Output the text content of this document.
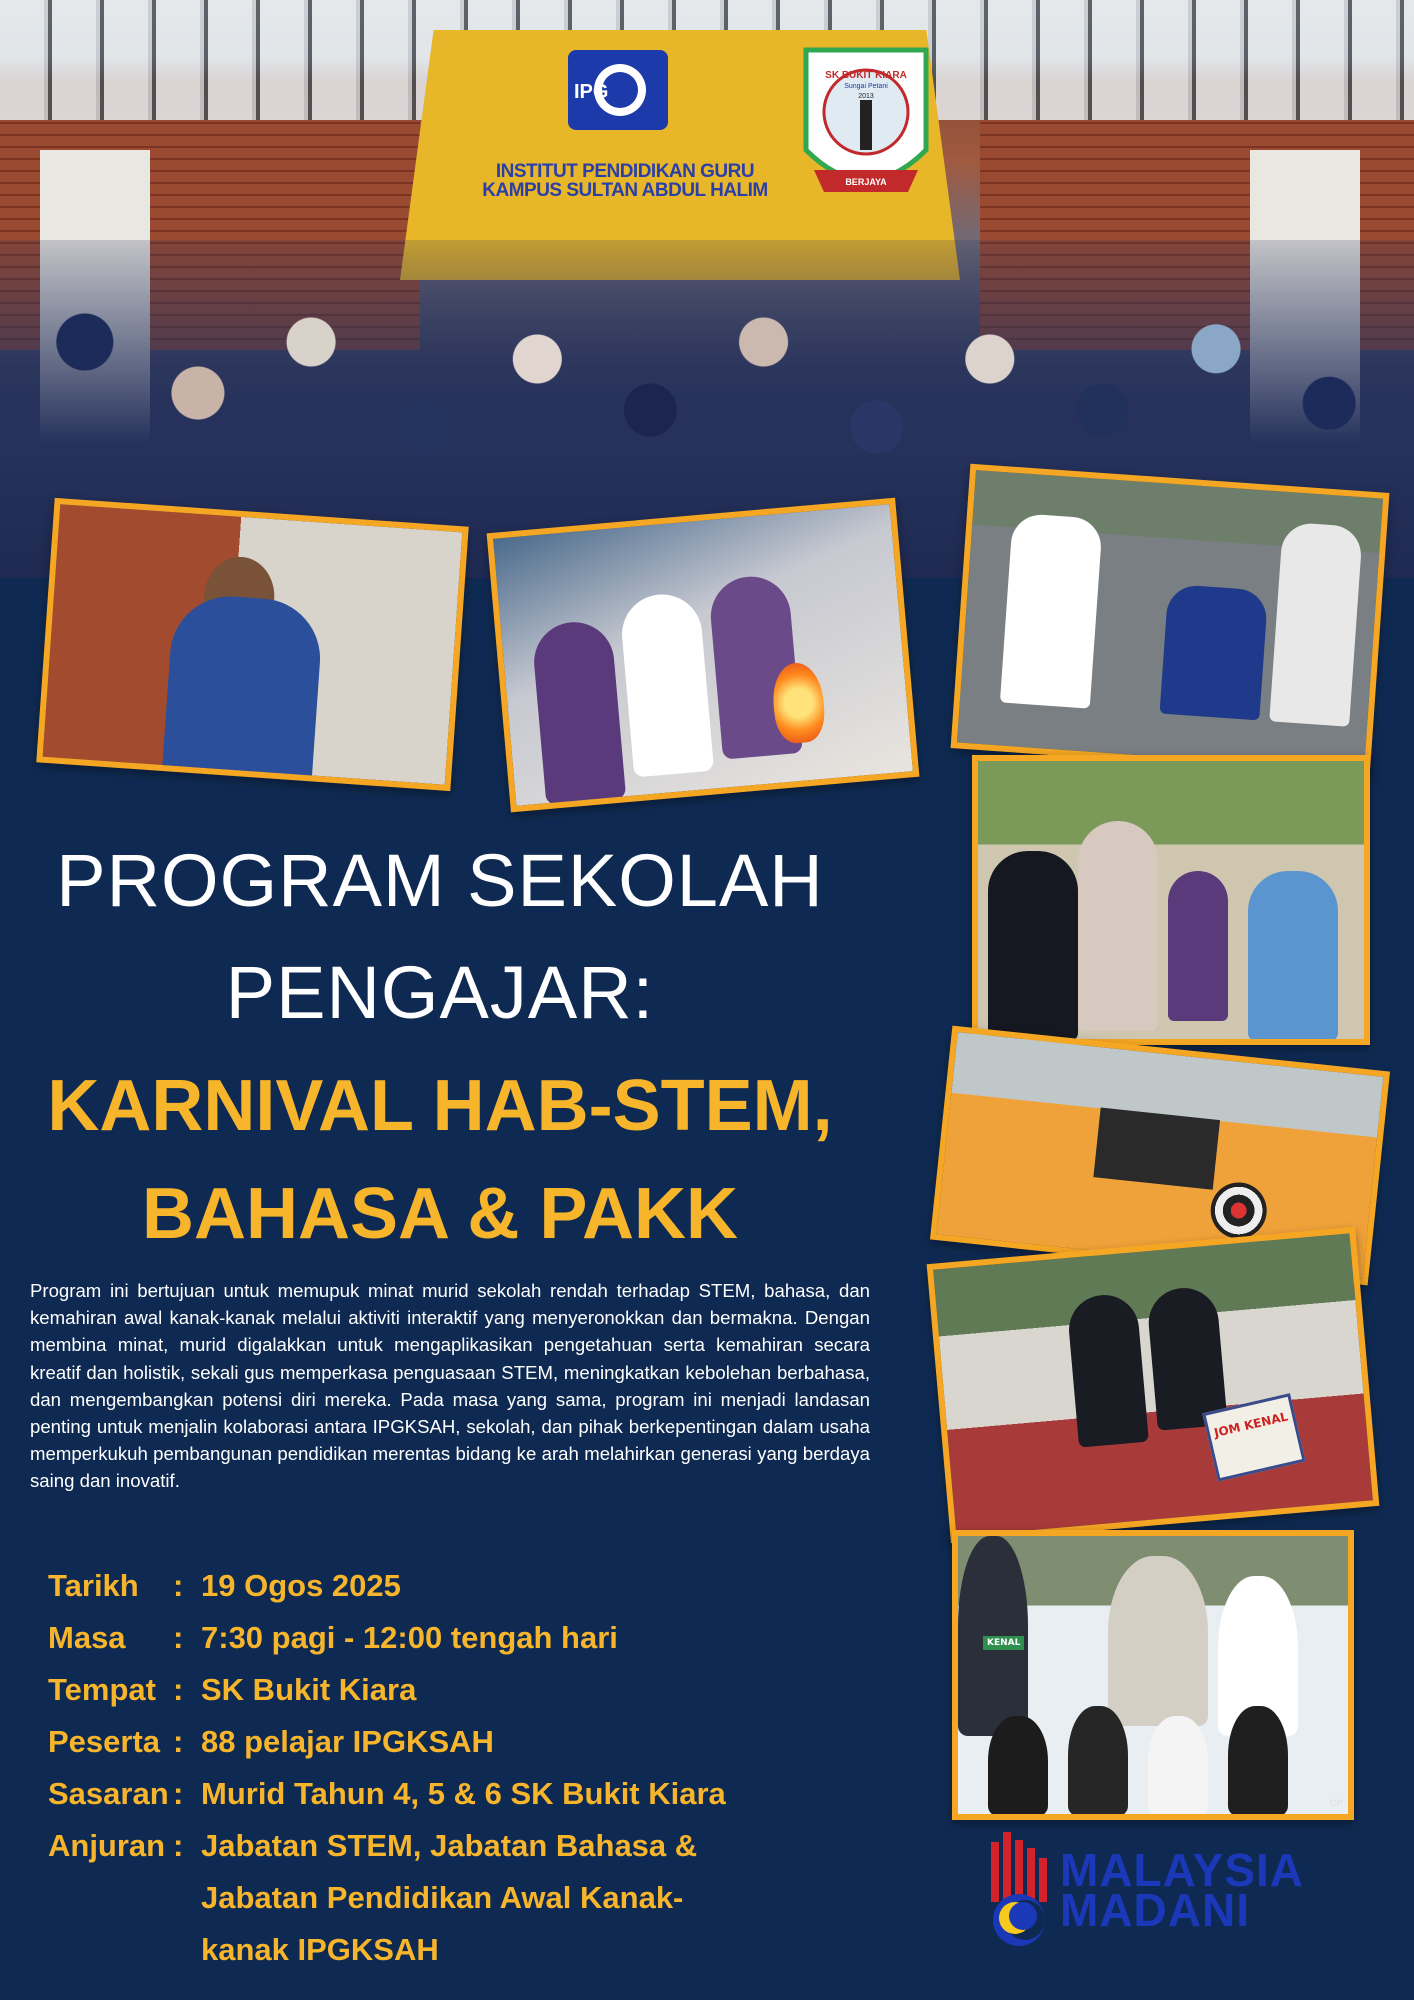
IPG
INSTITUT PENDIDIKAN GURU
KAMPUS SULTAN ABDUL HALIM
SK BUKIT KIARA
Sungai Petani
2013
BERJAYA
JOM KENAL
KENAL
OP
MALAYSIA
MADANI
PROGRAM SEKOLAH
PENGAJAR:
KARNIVAL HAB-STEM,
BAHASA & PAKK
Program ini bertujuan untuk memupuk minat murid sekolah rendah terhadap STEM, bahasa, dan kemahiran awal kanak-kanak melalui aktiviti interaktif yang menyeronokkan dan bermakna. Dengan membina minat, murid digalakkan untuk mengaplikasikan pengetahuan serta kemahiran secara kreatif dan holistik, sekali gus memperkasa penguasaan STEM, meningkatkan kebolehan berbahasa, dan mengembangkan potensi diri mereka. Pada masa yang sama, program ini menjadi landasan penting untuk menjalin kolaborasi antara IPGKSAH, sekolah, dan pihak berkepentingan dalam usaha memperkukuh pembangunan pendidikan merentas bidang ke arah melahirkan generasi yang berdaya saing dan inovatif.
Tarikh	: 19 Ogos 2025
Masa	: 7:30 pagi - 12:00 tengah hari
Tempat : SK Bukit Kiara
Peserta : 88 pelajar IPGKSAH
Sasaran : Murid Tahun 4, 5 & 6 SK Bukit Kiara
Anjuran : Jabatan STEM, Jabatan Bahasa & Jabatan Pendidikan Awal Kanak-kanak IPGKSAH
